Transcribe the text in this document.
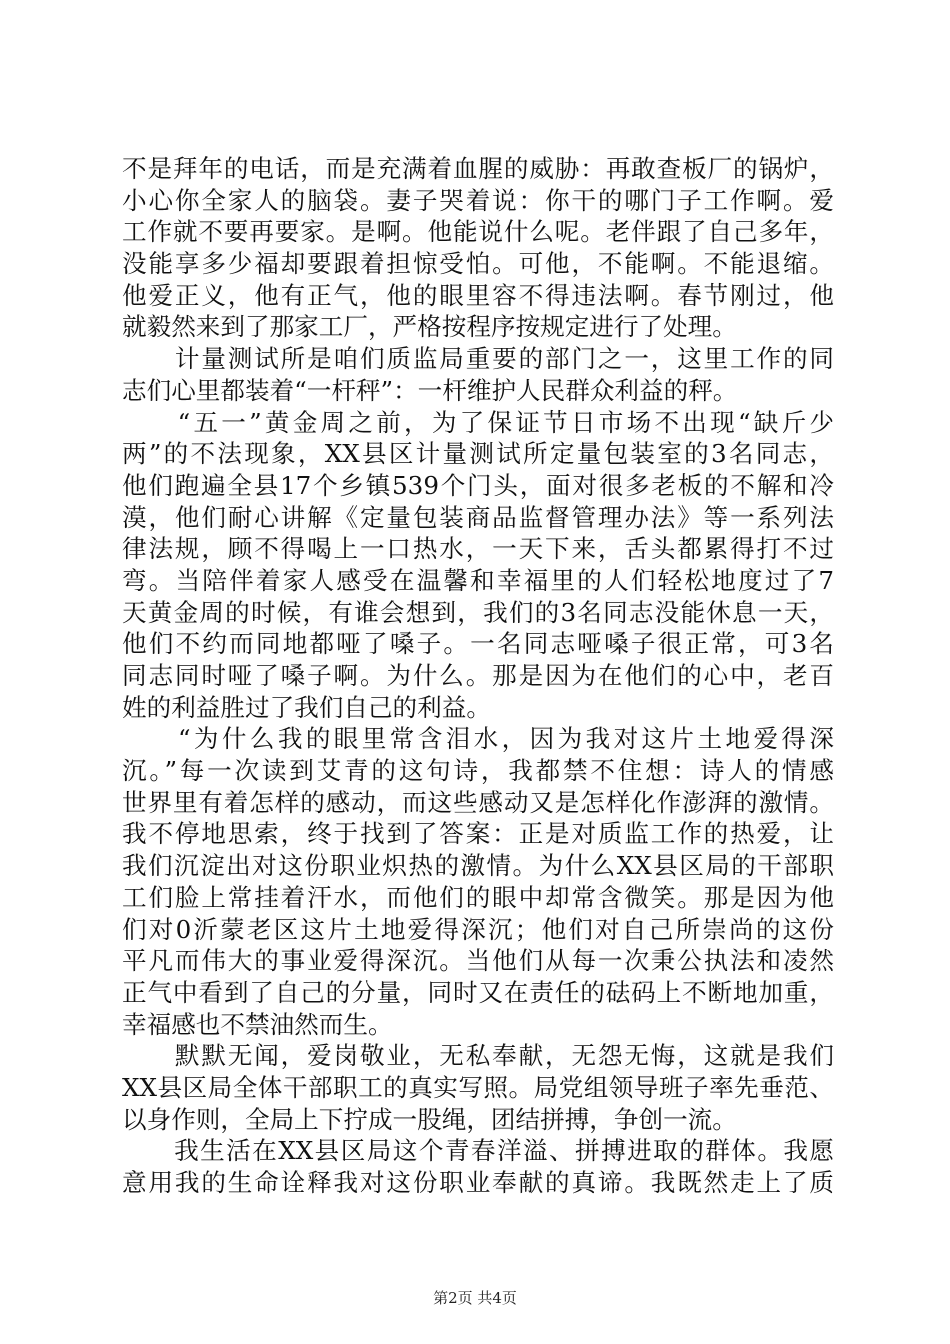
不是拜年的电话，而是充满着血腥的威胁：再敢查板厂的锅炉，
小心你全家人的脑袋。妻子哭着说：你干的哪门子工作啊。爱
工作就不要再要家。是啊。他能说什么呢。老伴跟了自己多年，
没能享多少福却要跟着担惊受怕。可他，不能啊。不能退缩。
他爱正义，他有正气，他的眼里容不得违法啊。春节刚过，他
就毅然来到了那家工厂，严格按程序按规定进行了处理。
　　计量测试所是咱们质监局重要的部门之一，这里工作的同
志们心里都装着“一杆秤”：一杆维护人民群众利益的秤。
　　“五一”黄金周之前，为了保证节日市场不出现“缺斤少
两”的不法现象，XX县区计量测试所定量包装室的3名同志，
他们跑遍全县17个乡镇539个门头，面对很多老板的不解和冷
漠，他们耐心讲解《定量包装商品监督管理办法》等一系列法
律法规，顾不得喝上一口热水，一天下来，舌头都累得打不过
弯。当陪伴着家人感受在温馨和幸福里的人们轻松地度过了7
天黄金周的时候，有谁会想到，我们的3名同志没能休息一天，
他们不约而同地都哑了嗓子。一名同志哑嗓子很正常，可3名
同志同时哑了嗓子啊。为什么。那是因为在他们的心中，老百
姓的利益胜过了我们自己的利益。
　　“为什么我的眼里常含泪水，因为我对这片土地爱得深
沉。”每一次读到艾青的这句诗，我都禁不住想：诗人的情感
世界里有着怎样的感动，而这些感动又是怎样化作澎湃的激情。
我不停地思索，终于找到了答案：正是对质监工作的热爱，让
我们沉淀出对这份职业炽热的激情。为什么XX县区局的干部职
工们脸上常挂着汗水，而他们的眼中却常含微笑。那是因为他
们对0沂蒙老区这片土地爱得深沉；他们对自己所崇尚的这份
平凡而伟大的事业爱得深沉。当他们从每一次秉公执法和凌然
正气中看到了自己的分量，同时又在责任的砝码上不断地加重，
幸福感也不禁油然而生。
　　默默无闻，爱岗敬业，无私奉献，无怨无悔，这就是我们
XX县区局全体干部职工的真实写照。局党组领导班子率先垂范、
以身作则，全局上下拧成一股绳，团结拼搏，争创一流。
　　我生活在XX县区局这个青春洋溢、拼搏进取的群体。我愿
意用我的生命诠释我对这份职业奉献的真谛。我既然走上了质
第2页 共4页
